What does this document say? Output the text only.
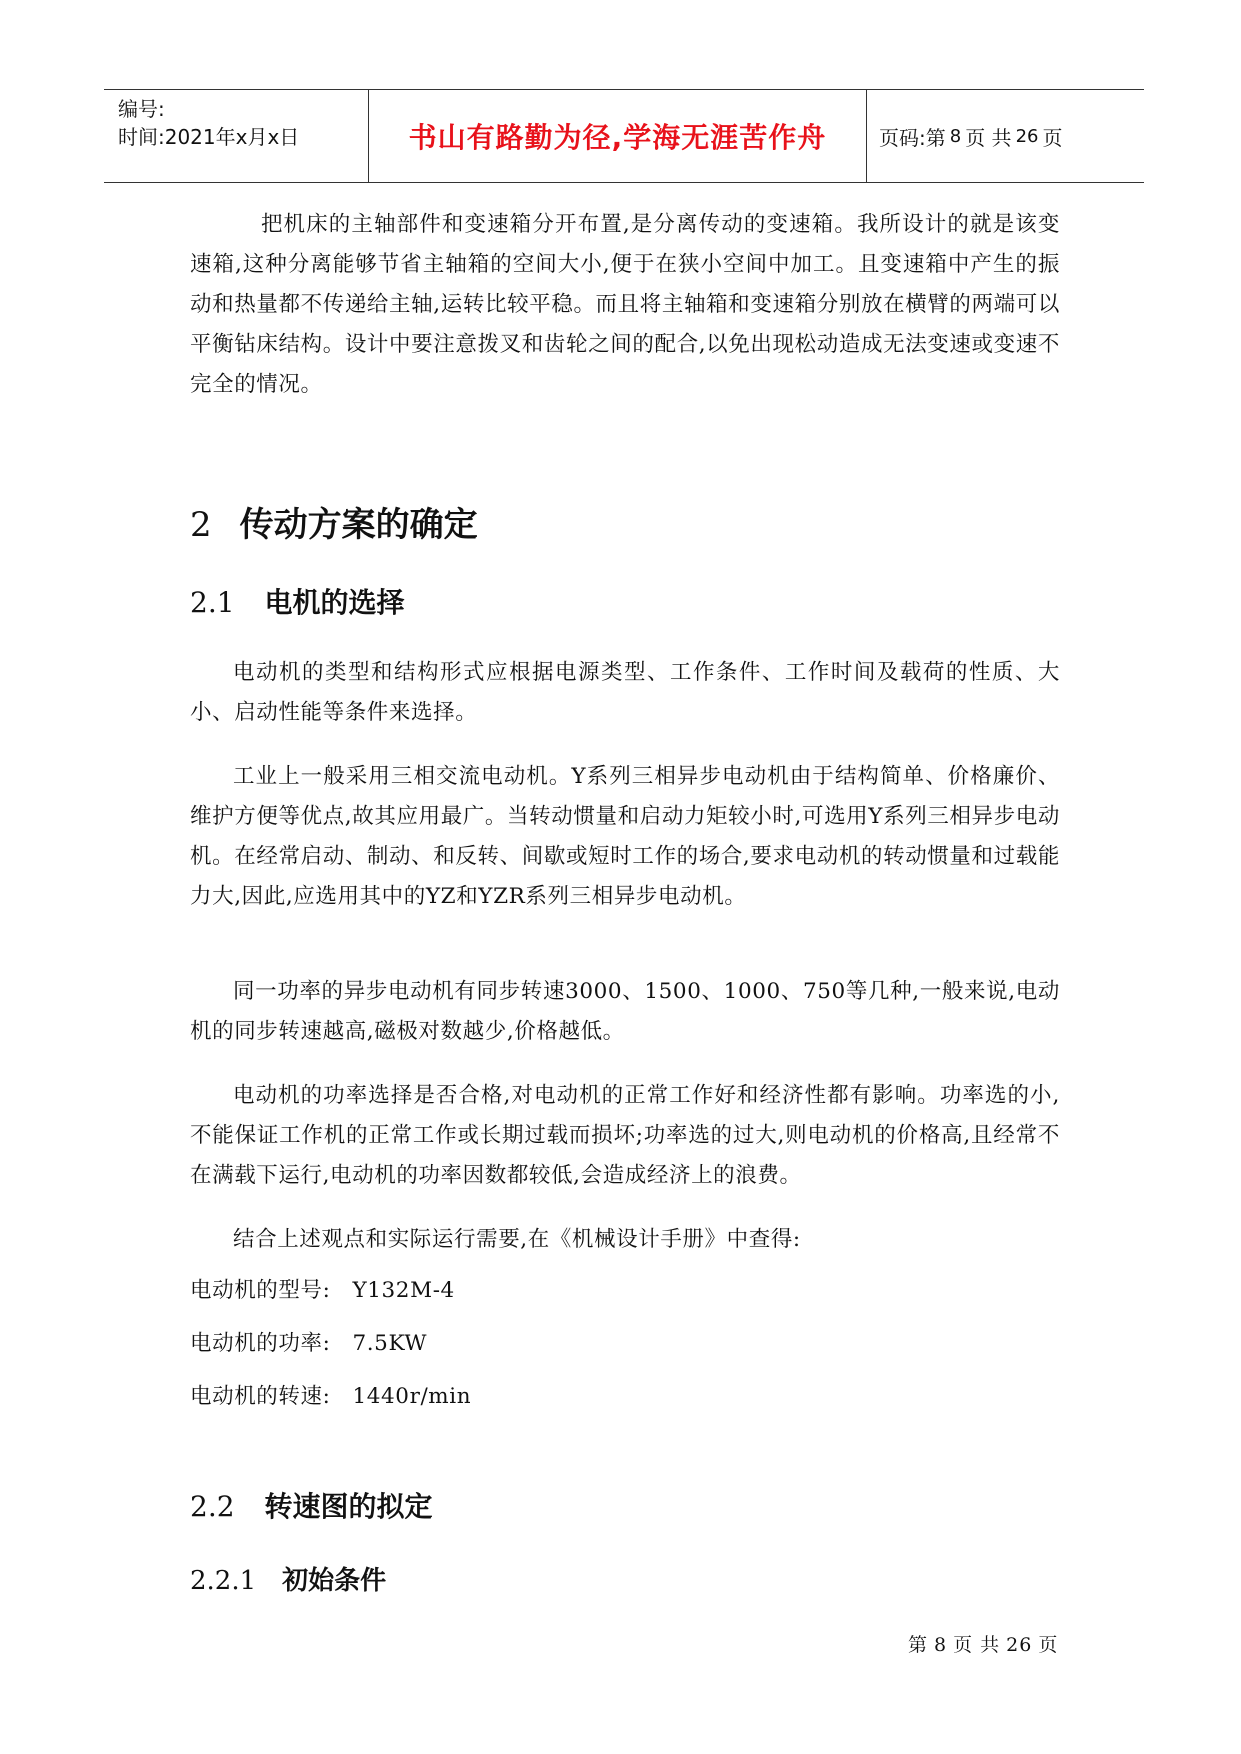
编号:
时间:2021年x月x日	书山有路勤为径,学海无涯苦作舟	页码:第 8 页 共 26 页

把机床的主轴部件和变速箱分开布置,是分离传动的变速箱。我所设计的就是该变速箱,这种分离能够节省主轴箱的空间大小,便于在狭小空间中加工。且变速箱中产生的振动和热量都不传递给主轴,运转比较平稳。而且将主轴箱和变速箱分别放在横臂的两端可以平衡钻床结构。设计中要注意拨叉和齿轮之间的配合,以免出现松动造成无法变速或变速不完全的情况。

2 传动方案的确定
2.1 电机的选择

电动机的类型和结构形式应根据电源类型、工作条件、工作时间及载荷的性质、大小、启动性能等条件来选择。

工业上一般采用三相交流电动机。Y系列三相异步电动机由于结构简单、价格廉价、维护方便等优点,故其应用最广。当转动惯量和启动力矩较小时,可选用Y系列三相异步电动机。在经常启动、制动、和反转、间歇或短时工作的场合,要求电动机的转动惯量和过载能力大,因此,应选用其中的YZ和YZR系列三相异步电动机。

同一功率的异步电动机有同步转速3000、1500、1000、750等几种,一般来说,电动机的同步转速越高,磁极对数越少,价格越低。

电动机的功率选择是否合格,对电动机的正常工作好和经济性都有影响。功率选的小,不能保证工作机的正常工作或长期过载而损坏;功率选的过大,则电动机的价格高,且经常不在满载下运行,电动机的功率因数都较低,会造成经济上的浪费。

结合上述观点和实际运行需要,在《机械设计手册》中查得:

电动机的型号: Y132M-4

电动机的功率: 7.5KW

电动机的转速: 1440r/min

2.2 转速图的拟定
2.2.1 初始条件
第 8 页 共 26 页
